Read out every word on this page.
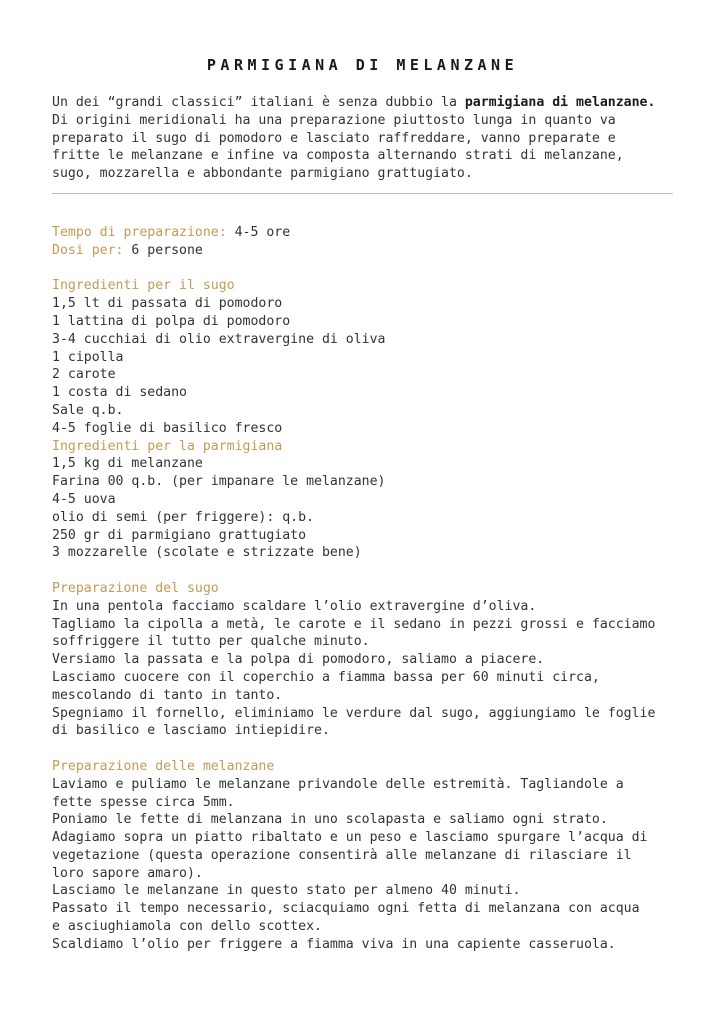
PARMIGIANA DI MELANZANE

Un dei “grandi classici” italiani è senza dubbio la parmigiana di melanzane.
Di origini meridionali ha una preparazione piuttosto lunga in quanto va
preparato il sugo di pomodoro e lasciato raffreddare, vanno preparate e
fritte le melanzane e infine va composta alternando strati di melanzane,
sugo, mozzarella e abbondante parmigiano grattugiato.

Tempo di preparazione: 4-5 ore
Dosi per: 6 persone
Ingredienti per il sugo
1,5 lt di passata di pomodoro
1 lattina di polpa di pomodoro
3-4 cucchiai di olio extravergine di oliva
1 cipolla
2 carote
1 costa di sedano
Sale q.b.
4-5 foglie di basilico fresco
Ingredienti per la parmigiana
1,5 kg di melanzane
Farina 00 q.b. (per impanare le melanzane)
4-5 uova
olio di semi (per friggere): q.b.
250 gr di parmigiano grattugiato
3 mozzarelle (scolate e strizzate bene)
Preparazione del sugo
In una pentola facciamo scaldare l’olio extravergine d’oliva.
Tagliamo la cipolla a metà, le carote e il sedano in pezzi grossi e facciamo
soffriggere il tutto per qualche minuto.
Versiamo la passata e la polpa di pomodoro, saliamo a piacere.
Lasciamo cuocere con il coperchio a fiamma bassa per 60 minuti circa,
mescolando di tanto in tanto.
Spegniamo il fornello, eliminiamo le verdure dal sugo, aggiungiamo le foglie
di basilico e lasciamo intiepidire.
Preparazione delle melanzane
Laviamo e puliamo le melanzane privandole delle estremità. Tagliandole a
fette spesse circa 5mm.
Poniamo le fette di melanzana in uno scolapasta e saliamo ogni strato.
Adagiamo sopra un piatto ribaltato e un peso e lasciamo spurgare l’acqua di
vegetazione (questa operazione consentirà alle melanzane di rilasciare il
loro sapore amaro).
Lasciamo le melanzane in questo stato per almeno 40 minuti.
Passato il tempo necessario, sciacquiamo ogni fetta di melanzana con acqua
e asciughiamola con dello scottex.
Scaldiamo l’olio per friggere a fiamma viva in una capiente casseruola.
